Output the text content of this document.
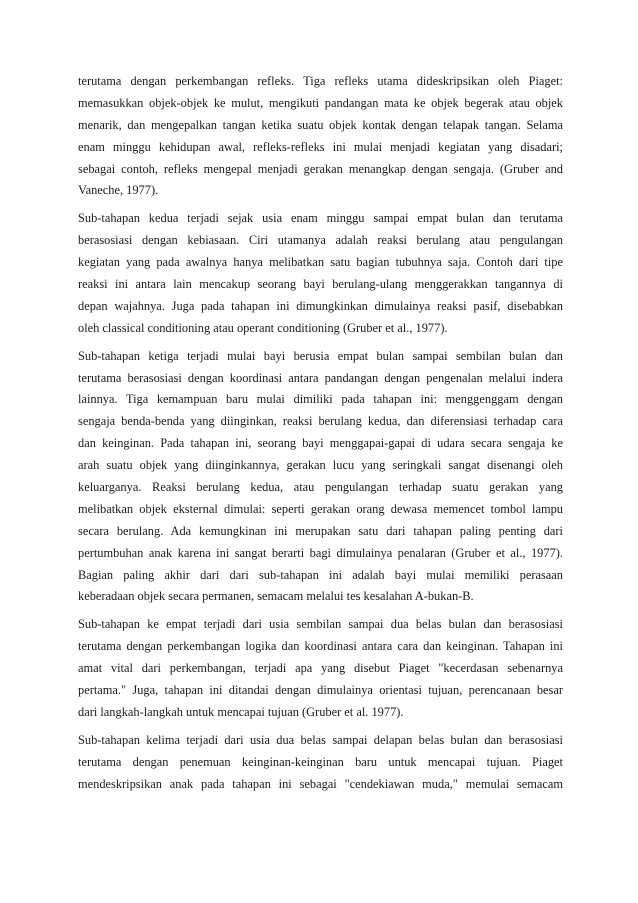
terutama dengan perkembangan refleks. Tiga refleks utama dideskripsikan oleh Piaget:
memasukkan objek-objek ke mulut, mengikuti pandangan mata ke objek begerak atau objek
menarik, dan mengepalkan tangan ketika suatu objek kontak dengan telapak tangan. Selama
enam minggu kehidupan awal, refleks-refleks ini mulai menjadi kegiatan yang disadari;
sebagai contoh, refleks mengepal menjadi gerakan menangkap dengan sengaja. (Gruber and
Vaneche, 1977).
Sub-tahapan kedua terjadi sejak usia enam minggu sampai empat bulan dan terutama
berasosiasi dengan kebiasaan. Ciri utamanya adalah reaksi berulang atau pengulangan
kegiatan yang pada awalnya hanya melibatkan satu bagian tubuhnya saja. Contoh dari tipe
reaksi ini antara lain mencakup seorang bayi berulang-ulang menggerakkan tangannya di
depan wajahnya. Juga pada tahapan ini dimungkinkan dimulainya reaksi pasif, disebabkan
oleh classical conditioning atau operant conditioning (Gruber et al., 1977).
Sub-tahapan ketiga terjadi mulai bayi berusia empat bulan sampai sembilan bulan dan
terutama berasosiasi dengan koordinasi antara pandangan dengan pengenalan melalui indera
lainnya. Tiga kemampuan baru mulai dimiliki pada tahapan ini: menggenggam dengan
sengaja benda-benda yang diinginkan, reaksi berulang kedua, dan diferensiasi terhadap cara
dan keinginan. Pada tahapan ini, seorang bayi menggapai-gapai di udara secara sengaja ke
arah suatu objek yang diinginkannya, gerakan lucu yang seringkali sangat disenangi oleh
keluarganya. Reaksi berulang kedua, atau pengulangan terhadap suatu gerakan yang
melibatkan objek eksternal dimulai: seperti gerakan orang dewasa memencet tombol lampu
secara berulang. Ada kemungkinan ini merupakan satu dari tahapan paling penting dari
pertumbuhan anak karena ini sangat berarti bagi dimulainya penalaran (Gruber et al., 1977).
Bagian paling akhir dari dari sub-tahapan ini adalah bayi mulai memiliki perasaan
keberadaan objek secara permanen, semacam melalui tes kesalahan A-bukan-B.
Sub-tahapan ke empat terjadi dari usia sembilan sampai dua belas bulan dan berasosiasi
terutama dengan perkembangan logika dan koordinasi antara cara dan keinginan. Tahapan ini
amat vital dari perkembangan, terjadi apa yang disebut Piaget "kecerdasan sebenarnya
pertama." Juga, tahapan ini ditandai dengan dimulainya orientasi tujuan, perencanaan besar
dari langkah-langkah untuk mencapai tujuan (Gruber et al. 1977).
Sub-tahapan kelima terjadi dari usia dua belas sampai delapan belas bulan dan berasosiasi
terutama dengan penemuan keinginan-keinginan baru untuk mencapai tujuan. Piaget
mendeskripsikan anak pada tahapan ini sebagai "cendekiawan muda," memulai semacam
